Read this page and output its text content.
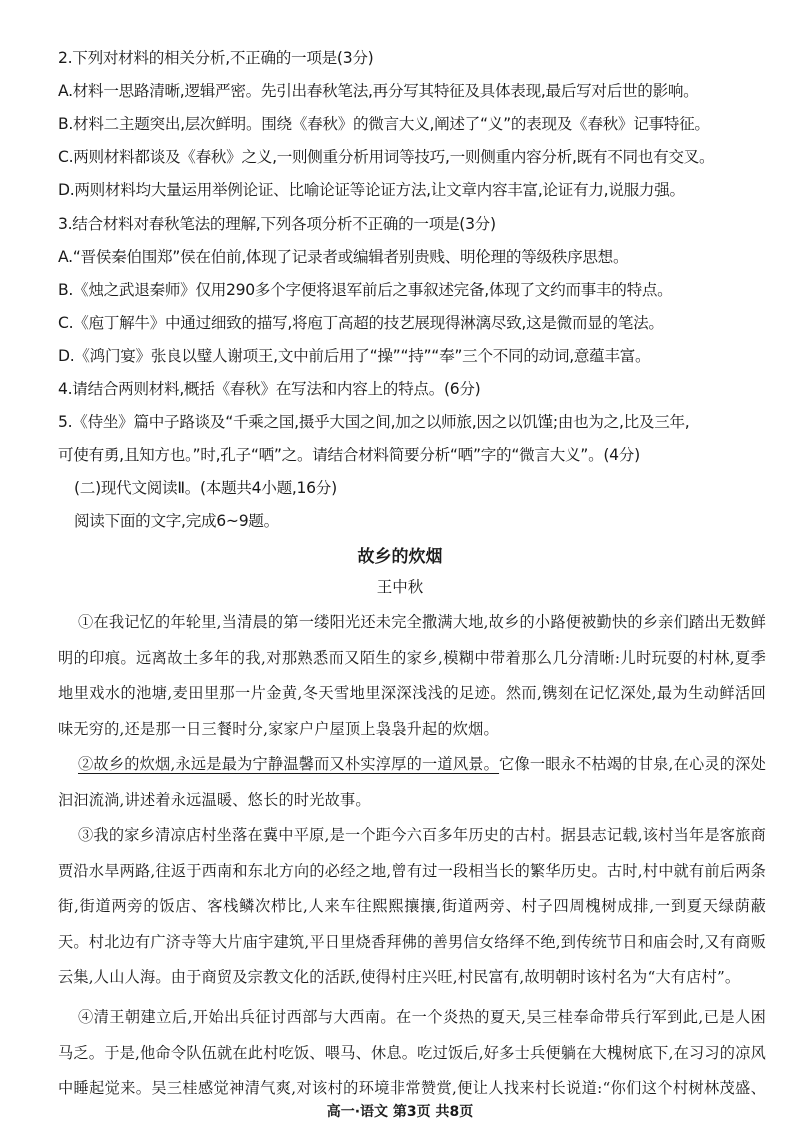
2.下列对材料的相关分析,不正确的一项是(3分)
A.材料一思路清晰,逻辑严密。先引出春秋笔法,再分写其特征及具体表现,最后写对后世的影响。
B.材料二主题突出,层次鲜明。围绕《春秋》的微言大义,阐述了“义”的表现及《春秋》记事特征。
C.两则材料都谈及《春秋》之义,一则侧重分析用词等技巧,一则侧重内容分析,既有不同也有交叉。
D.两则材料均大量运用举例论证、比喻论证等论证方法,让文章内容丰富,论证有力,说服力强。
3.结合材料对春秋笔法的理解,下列各项分析不正确的一项是(3分)
A.“晋侯秦伯围郑”侯在伯前,体现了记录者或编辑者别贵贱、明伦理的等级秩序思想。
B.《烛之武退秦师》仅用290多个字便将退军前后之事叙述完备,体现了文约而事丰的特点。
C.《庖丁解牛》中通过细致的描写,将庖丁高超的技艺展现得淋漓尽致,这是微而显的笔法。
D.《鸿门宴》张良以璧人谢项王,文中前后用了“操”“持”“奉”三个不同的动词,意蕴丰富。
4.请结合两则材料,概括《春秋》在写法和内容上的特点。(6分)
5.《侍坐》篇中子路谈及“千乘之国,摄乎大国之间,加之以师旅,因之以饥馑;由也为之,比及三年,
可使有勇,且知方也。”时,孔子“哂”之。请结合材料简要分析“哂”字的“微言大义”。(4分)
(二)现代文阅读Ⅱ。(本题共4小题,16分)
阅读下面的文字,完成6~9题。
故乡的炊烟
王中秋
①在我记忆的年轮里,当清晨的第一缕阳光还未完全撒满大地,故乡的小路便被勤快的乡亲们踏出无数鲜明的印痕。远离故土多年的我,对那熟悉而又陌生的家乡,模糊中带着那么几分清晰:儿时玩耍的村林,夏季地里戏水的池塘,麦田里那一片金黄,冬天雪地里深深浅浅的足迹。然而,镌刻在记忆深处,最为生动鲜活回味无穷的,还是那一日三餐时分,家家户户屋顶上袅袅升起的炊烟。
②故乡的炊烟,永远是最为宁静温馨而又朴实淳厚的一道风景。它像一眼永不枯竭的甘泉,在心灵的深处汩汩流淌,讲述着永远温暖、悠长的时光故事。
③我的家乡清凉店村坐落在冀中平原,是一个距今六百多年历史的古村。据县志记载,该村当年是客旅商贾沿水旱两路,往返于西南和东北方向的必经之地,曾有过一段相当长的繁华历史。古时,村中就有前后两条街,街道两旁的饭店、客栈鳞次栉比,人来车往熙熙攘攘,街道两旁、村子四周槐树成排,一到夏天绿荫蔽天。村北边有广济寺等大片庙宇建筑,平日里烧香拜佛的善男信女络绎不绝,到传统节日和庙会时,又有商贩云集,人山人海。由于商贸及宗教文化的活跃,使得村庄兴旺,村民富有,故明朝时该村名为“大有店村”。
④清王朝建立后,开始出兵征讨西部与大西南。在一个炎热的夏天,吴三桂奉命带兵行军到此,已是人困马乏。于是,他命令队伍就在此村吃饭、喂马、休息。吃过饭后,好多士兵便躺在大槐树底下,在习习的凉风中睡起觉来。吴三桂感觉神清气爽,对该村的环境非常赞赏,便让人找来村长说道:“你们这个村树林茂盛、
高一·语文 第3页 共8页
